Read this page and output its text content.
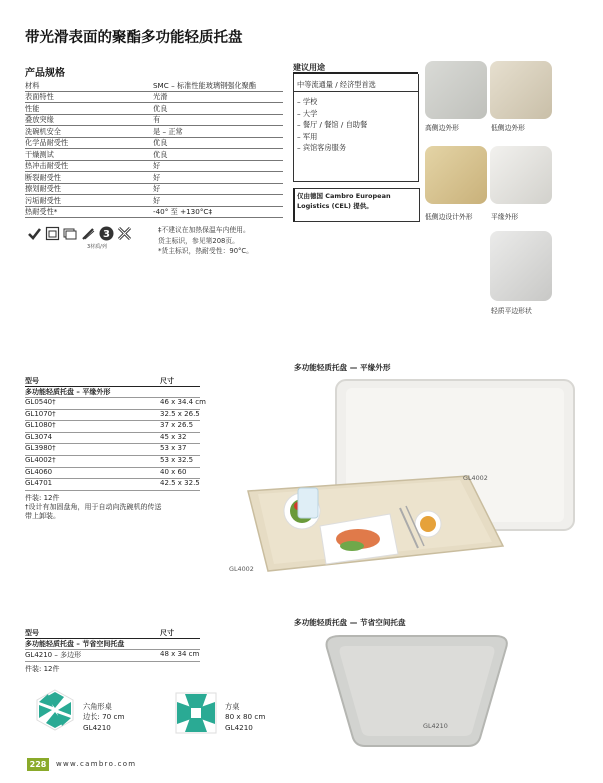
带光滑表面的聚酯多功能轻质托盘
产品规格
材料	SMC – 标准性能玻璃钢强化聚酯
表面特性	光滑
性能	优良
叠放突缘	有
洗碗机安全	是 – 正常
化学品耐受性	优良
干燥测试	优良
热冲击耐受性	好
断裂耐受性	好
擦划耐受性	好
污垢耐受性	好
热耐受性*	-40° 至 +130°C‡
3
3材质/列
‡不建议在加热保温车内使用。
货主标识，参见第208页。
*货主标识，热耐受性：90°C。
建议用途
中等流通量 / 经济型首选
– 学校
– 大学
– 餐厅 / 餐馆 / 自助餐
– 军用
– 宾馆客房服务
仅由德国 Cambro European Logistics (CEL) 提供。
高侧边外形	低侧边外形
低侧边设计外形	平缘外形
轻质平边形状
型号	尺寸
多功能轻质托盘 – 平缘外形
GL0540†	46 x 34.4 cm
GL1070†	32.5 x 26.5
GL1080†	37 x 26.5
GL3074	45 x 32
GL3980†	53 x 37
GL4002†	53 x 32.5
GL4060	40 x 60
GL4701	42.5 x 32.5
件装: 12件
†设计有加固盘角，用于自动向洗碗机的传送带上卸装。
多功能轻质托盘 — 平缘外形
GL4002
GL4002
型号	尺寸
多功能轻质托盘 – 节省空间托盘
GL4210 – 多边形	48 x 34 cm
件装: 12件
多功能轻质托盘 — 节省空间托盘
GL4210
六角形桌
边长: 70 cm
GL4210
方桌
80 x 80 cm
GL4210
228	www.cambro.com
